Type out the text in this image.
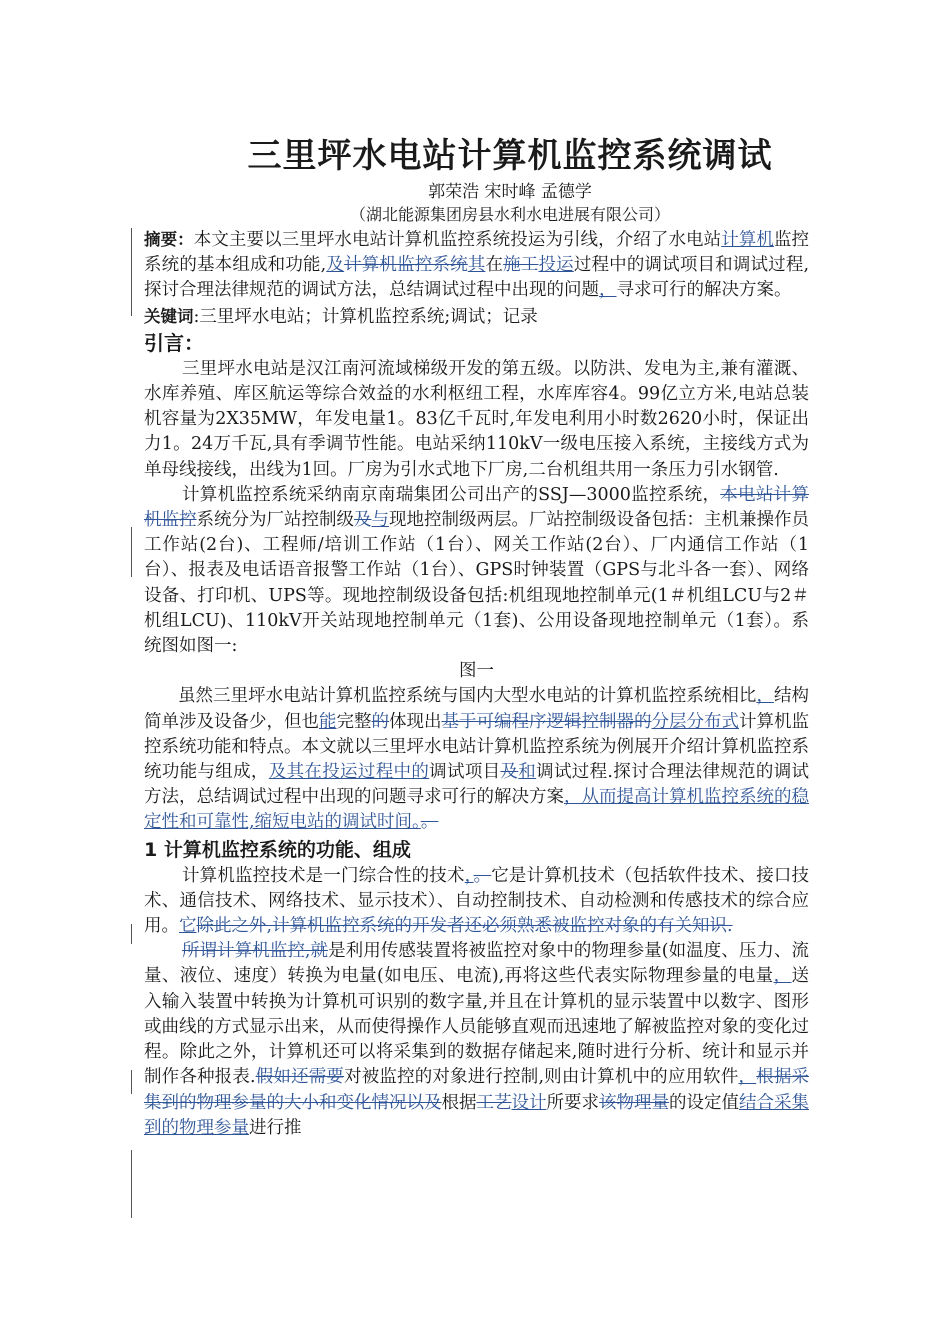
三里坪水电站计算机监控系统调试
郭荣浩 宋时峰 孟德学
（湖北能源集团房县水利水电进展有限公司）

摘要：本文主要以三里坪水电站计算机监控系统投运为引线，介绍了水电站计算机监控系统的基本组成和功能,及计算机监控系统其在施工投运过程中的调试项目和调试过程,探讨合理法律规范的调试方法，总结调试过程中出现的问题，寻求可行的解决方案。

关键词:三里坪水电站；计算机监控系统;调试；记录

引言：

三里坪水电站是汉江南河流域梯级开发的第五级。以防洪、发电为主,兼有灌溉、水库养殖、库区航运等综合效益的水利枢纽工程，水库库容4。99亿立方米,电站总装机容量为2X35MW，年发电量1。83亿千瓦时,年发电利用小时数2620小时，保证出力1。24万千瓦,具有季调节性能。电站采纳110kV一级电压接入系统，主接线方式为单母线接线，出线为1回。厂房为引水式地下厂房,二台机组共用一条压力引水钢管.

计算机监控系统采纳南京南瑞集团公司出产的SSJ—3000监控系统，本电站计算机监控系统分为厂站控制级及与现地控制级两层。厂站控制级设备包括：主机兼操作员工作站(2台)、工程师/培训工作站（1台）、网关工作站(2台）、厂内通信工作站（1台）、报表及电话语音报警工作站（1台）、GPS时钟装置（GPS与北斗各一套）、网络设备、打印机、UPS等。现地控制级设备包括:机组现地控制单元(1＃机组LCU与2＃机组LCU)、110kV开关站现地控制单元（1套)、公用设备现地控制单元（1套）。系统图如图一:

图一

虽然三里坪水电站计算机监控系统与国内大型水电站的计算机监控系统相比，结构简单涉及设备少，但也能完整的体现出基于可编程序逻辑控制器的分层分布式计算机监控系统功能和特点。本文就以三里坪水电站计算机监控系统为例展开介绍计算机监控系统功能与组成，及其在投运过程中的调试项目及和调试过程.探讨合理法律规范的调试方法，总结调试过程中出现的问题寻求可行的解决方案，从而提高计算机监控系统的稳定性和可靠性,缩短电站的调试时间。。

1 计算机监控系统的功能、组成

计算机监控技术是一门综合性的技术，。它是计算机技术（包括软件技术、接口技术、通信技术、网络技术、显示技术）、自动控制技术、自动检测和传感技术的综合应用。它除此之外,计算机监控系统的开发者还必须熟悉被监控对象的有关知识.

所谓计算机监控,就是利用传感装置将被监控对象中的物理参量(如温度、压力、流量、液位、速度）转换为电量(如电压、电流),再将这些代表实际物理参量的电量，送入输入装置中转换为计算机可识别的数字量,并且在计算机的显示装置中以数字、图形或曲线的方式显示出来，从而使得操作人员能够直观而迅速地了解被监控对象的变化过程。除此之外，计算机还可以将采集到的数据存储起来,随时进行分析、统计和显示并制作各种报表.假如还需要对被监控的对象进行控制,则由计算机中的应用软件，根据采集到的物理参量的大小和变化情况以及根据工艺设计所要求该物理量的设定值结合采集到的物理参量进行推
